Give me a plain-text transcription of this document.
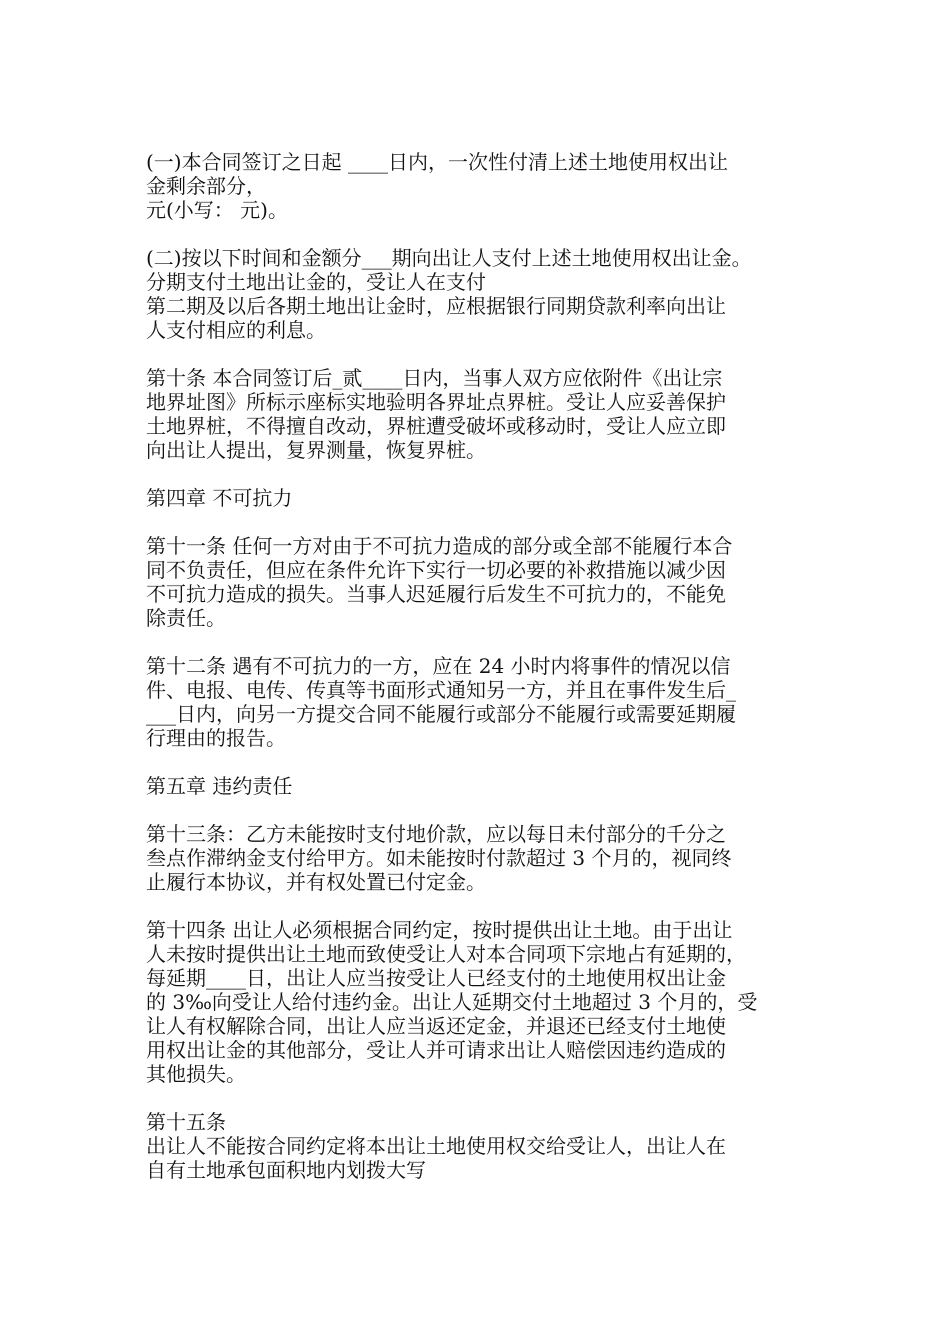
(一)本合同签订之日起 ____日内，一次性付清上述土地使用权出让
金剩余部分，
元(小写： 元)。
(二)按以下时间和金额分___期向出让人支付上述土地使用权出让金。
分期支付土地出让金的，受让人在支付
第二期及以后各期土地出让金时，应根据银行同期贷款利率向出让
人支付相应的利息。
第十条 本合同签订后_贰____日内，当事人双方应依附件《出让宗
地界址图》所标示座标实地验明各界址点界桩。受让人应妥善保护
土地界桩，不得擅自改动，界桩遭受破坏或移动时，受让人应立即
向出让人提出，复界测量，恢复界桩。
第四章 不可抗力
第十一条 任何一方对由于不可抗力造成的部分或全部不能履行本合
同不负责任，但应在条件允许下实行一切必要的补救措施以减少因
不可抗力造成的损失。当事人迟延履行后发生不可抗力的，不能免
除责任。
第十二条 遇有不可抗力的一方，应在 24 小时内将事件的情况以信
件、电报、电传、传真等书面形式通知另一方，并且在事件发生后_
___日内，向另一方提交合同不能履行或部分不能履行或需要延期履
行理由的报告。
第五章 违约责任
第十三条：乙方未能按时支付地价款，应以每日未付部分的千分之
叁点作滞纳金支付给甲方。如未能按时付款超过 3 个月的，视同终
止履行本协议，并有权处置已付定金。
第十四条 出让人必须根据合同约定，按时提供出让土地。由于出让
人未按时提供出让土地而致使受让人对本合同项下宗地占有延期的，
每延期____日，出让人应当按受让人已经支付的土地使用权出让金
的 3‰向受让人给付违约金。出让人延期交付土地超过 3 个月的，受
让人有权解除合同，出让人应当返还定金，并退还已经支付土地使
用权出让金的其他部分，受让人并可请求出让人赔偿因违约造成的
其他损失。
第十五条
出让人不能按合同约定将本出让土地使用权交给受让人，出让人在
自有土地承包面积地内划拨大写
